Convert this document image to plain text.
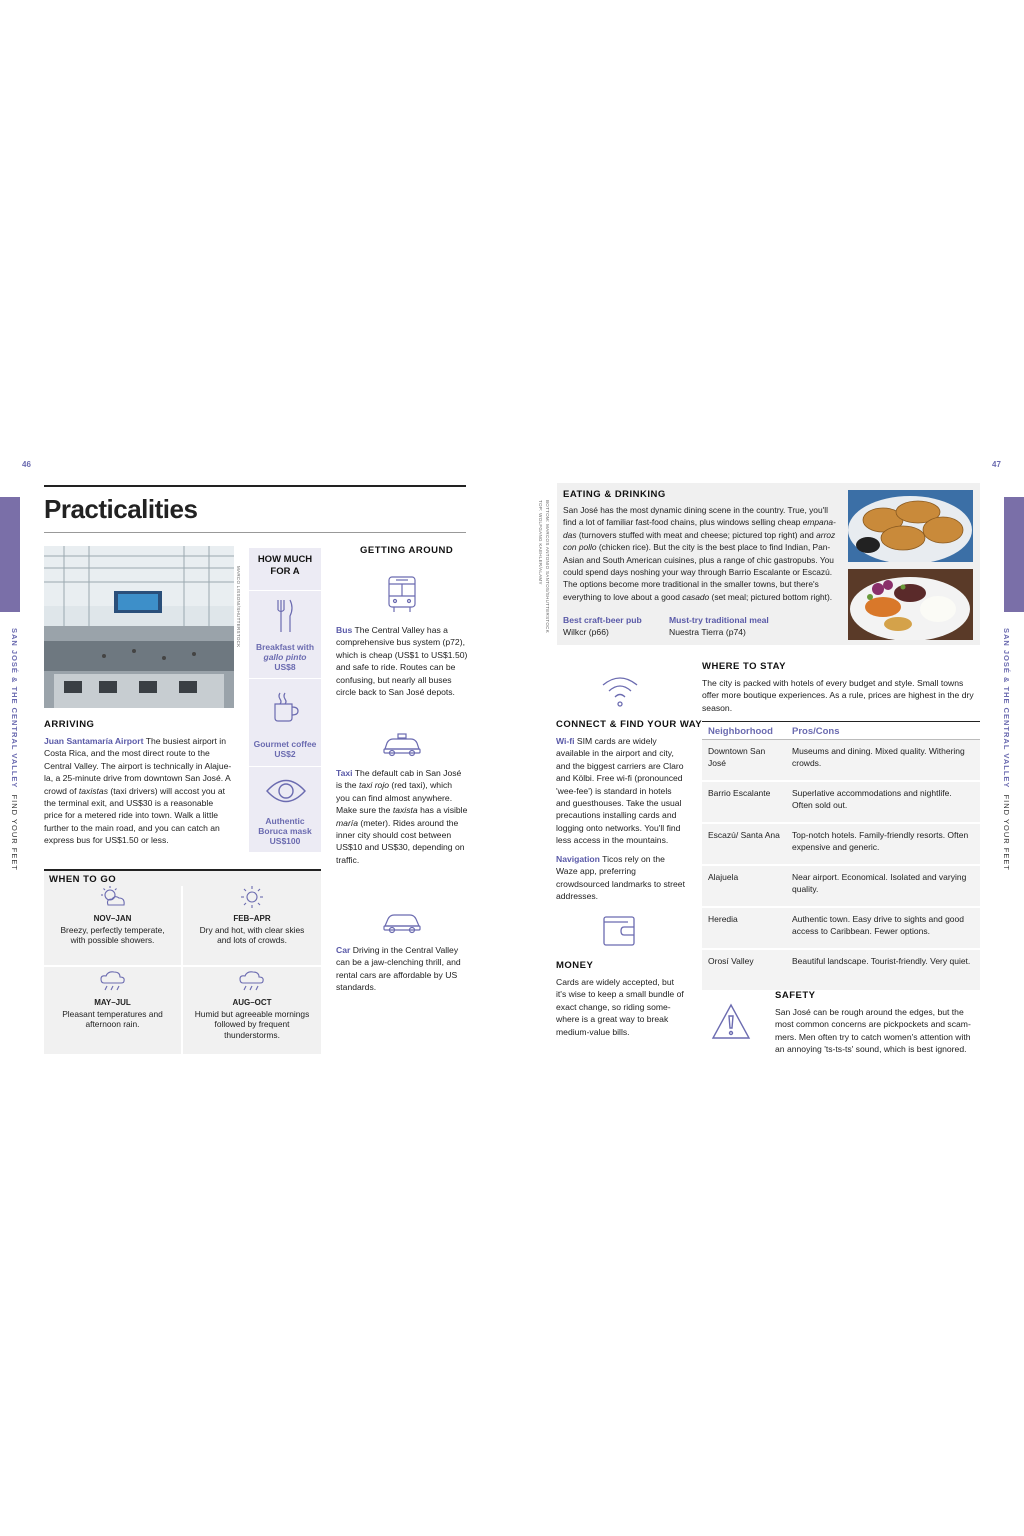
46
SAN JOSÉ & THE CENTRAL VALLEY  FIND YOUR FEET
Practicalities
MARCO LISSONI/SHUTTERSTOCK
ARRIVING
Juan Santamaría Airport The busiest airport in Costa Rica, and the most direct route to the Central Valley. The airport is technically in Alajue-la, a 25-minute drive from downtown San José. A crowd of taxistas (taxi drivers) will accost you at the terminal exit, and US$30 is a reasonable price for a metered ride into town. Walk a little further to the main road, and you can catch an express bus for US$1.50 or less.
HOW MUCH
FOR A
Breakfast with
gallo pinto
US$8
Gourmet coffee
US$2
Authentic
Boruca mask
US$100
GETTING AROUND
Bus The Central Valley has a comprehensive bus system (p72), which is cheap (US$1 to US$1.50) and safe to ride. Routes can be confusing, but nearly all buses circle back to San José depots.
Taxi The default cab in San José is the taxi rojo (red taxi), which you can find almost anywhere. Make sure the taxista has a visible maría (meter). Rides around the inner city should cost between US$10 and US$30, depending on traffic.
Car Driving in the Central Valley can be a jaw-clenching thrill, and rental cars are affordable by US standards.
WHEN TO GO
NOV–JAN
Breezy, perfectly temperate, with possible showers.
FEB–APR
Dry and hot, with clear skies and lots of crowds.
MAY–JUL
Pleasant temperatures and afternoon rain.
AUG–OCT
Humid but agreeable mornings followed by frequent thunderstorms.
47
SAN JOSÉ & THE CENTRAL VALLEY  FIND YOUR FEET
TOP: WOLFGANG KAEHLER/ALAMY BOTTOM: MARCOS ANTONIO SANTOS/SHUTTERSTOCK
EATING & DRINKING
San José has the most dynamic dining scene in the country. True, you'll find a lot of familiar fast-food chains, plus windows selling cheap empana-das (turnovers stuffed with meat and cheese; pictured top right) and arroz con pollo (chicken rice). But the city is the best place to find Indian, Pan-Asian and South American cuisines, plus a range of chic gastropubs. You could spend days noshing your way through Barrio Escalante or Escazú. The options become more traditional in the smaller towns, but there's everything to love about a good casado (set meal; pictured bottom right).
Best craft-beer pub
Wilkcr (p66)
Must-try traditional meal
Nuestra Tierra (p74)
WHERE TO STAY
The city is packed with hotels of every budget and style. Small towns offer more boutique experiences. As a rule, prices are highest in the dry season.
Neighborhood	Pros/Cons
Downtown San José	Museums and dining. Mixed quality. Withering crowds.
Barrio Escalante	Superlative accommodations and nightlife. Often sold out.
Escazú/ Santa Ana	Top-notch hotels. Family-friendly resorts. Often expensive and generic.
Alajuela	Near airport. Economical. Isolated and varying quality.
Heredia	Authentic town. Easy drive to sights and good access to Caribbean. Fewer options.
Orosí Valley	Beautiful landscape. Tourist-friendly. Very quiet.
CONNECT & FIND YOUR WAY
Wi-fi SIM cards are widely available in the airport and city, and the biggest carriers are Claro and Kölbi. Free wi-fi (pronounced 'wee-fee') is standard in hotels and guesthouses. Take the usual precautions installing cards and logging onto networks. You'll find less access in the mountains.
Navigation Ticos rely on the Waze app, preferring crowdsourced landmarks to street addresses.
MONEY
Cards are widely accepted, but it's wise to keep a small bundle of exact change, so riding some-where is a great way to break medium-value bills.
SAFETY
San José can be rough around the edges, but the most common concerns are pickpockets and scam-mers. Men often try to catch women's attention with an annoying 'ts-ts-ts' sound, which is best ignored.
